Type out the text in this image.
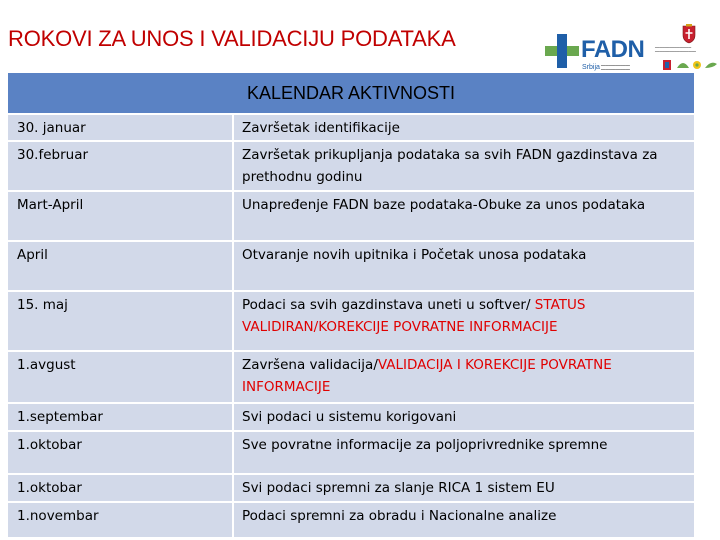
ROKOVI ZA UNOS I VALIDACIJU PODATAKA	FADN
Srbija ━━━━━━━━━━━━ ━━━━━━━━━━━━
━━━━━━━━━━━━━━━
━━━━━━━━━━━━━━━━━
KALENDAR AKTIVNOSTI
30. januar	Završetak identifikacije
30.februar	Završetak prikupljanja podataka sa svih FADN gazdinstava za prethodnu godinu
Mart-April	Unapređenje FADN baze podataka-Obuke za unos podataka
April	Otvaranje novih upitnika i Početak unosa podataka
15. maj	Podaci sa svih gazdinstava uneti u softver/ STATUS VALIDIRAN/KOREKCIJE POVRATNE INFORMACIJE
1.avgust	Završena validacija/VALIDACIJA I KOREKCIJE POVRATNE INFORMACIJE
1.septembar	Svi podaci u sistemu korigovani
1.oktobar	Sve povratne informacije za poljoprivrednike spremne
1.oktobar	Svi podaci spremni za slanje RICA 1 sistem EU
1.novembar	Podaci spremni za obradu i Nacionalne analize
